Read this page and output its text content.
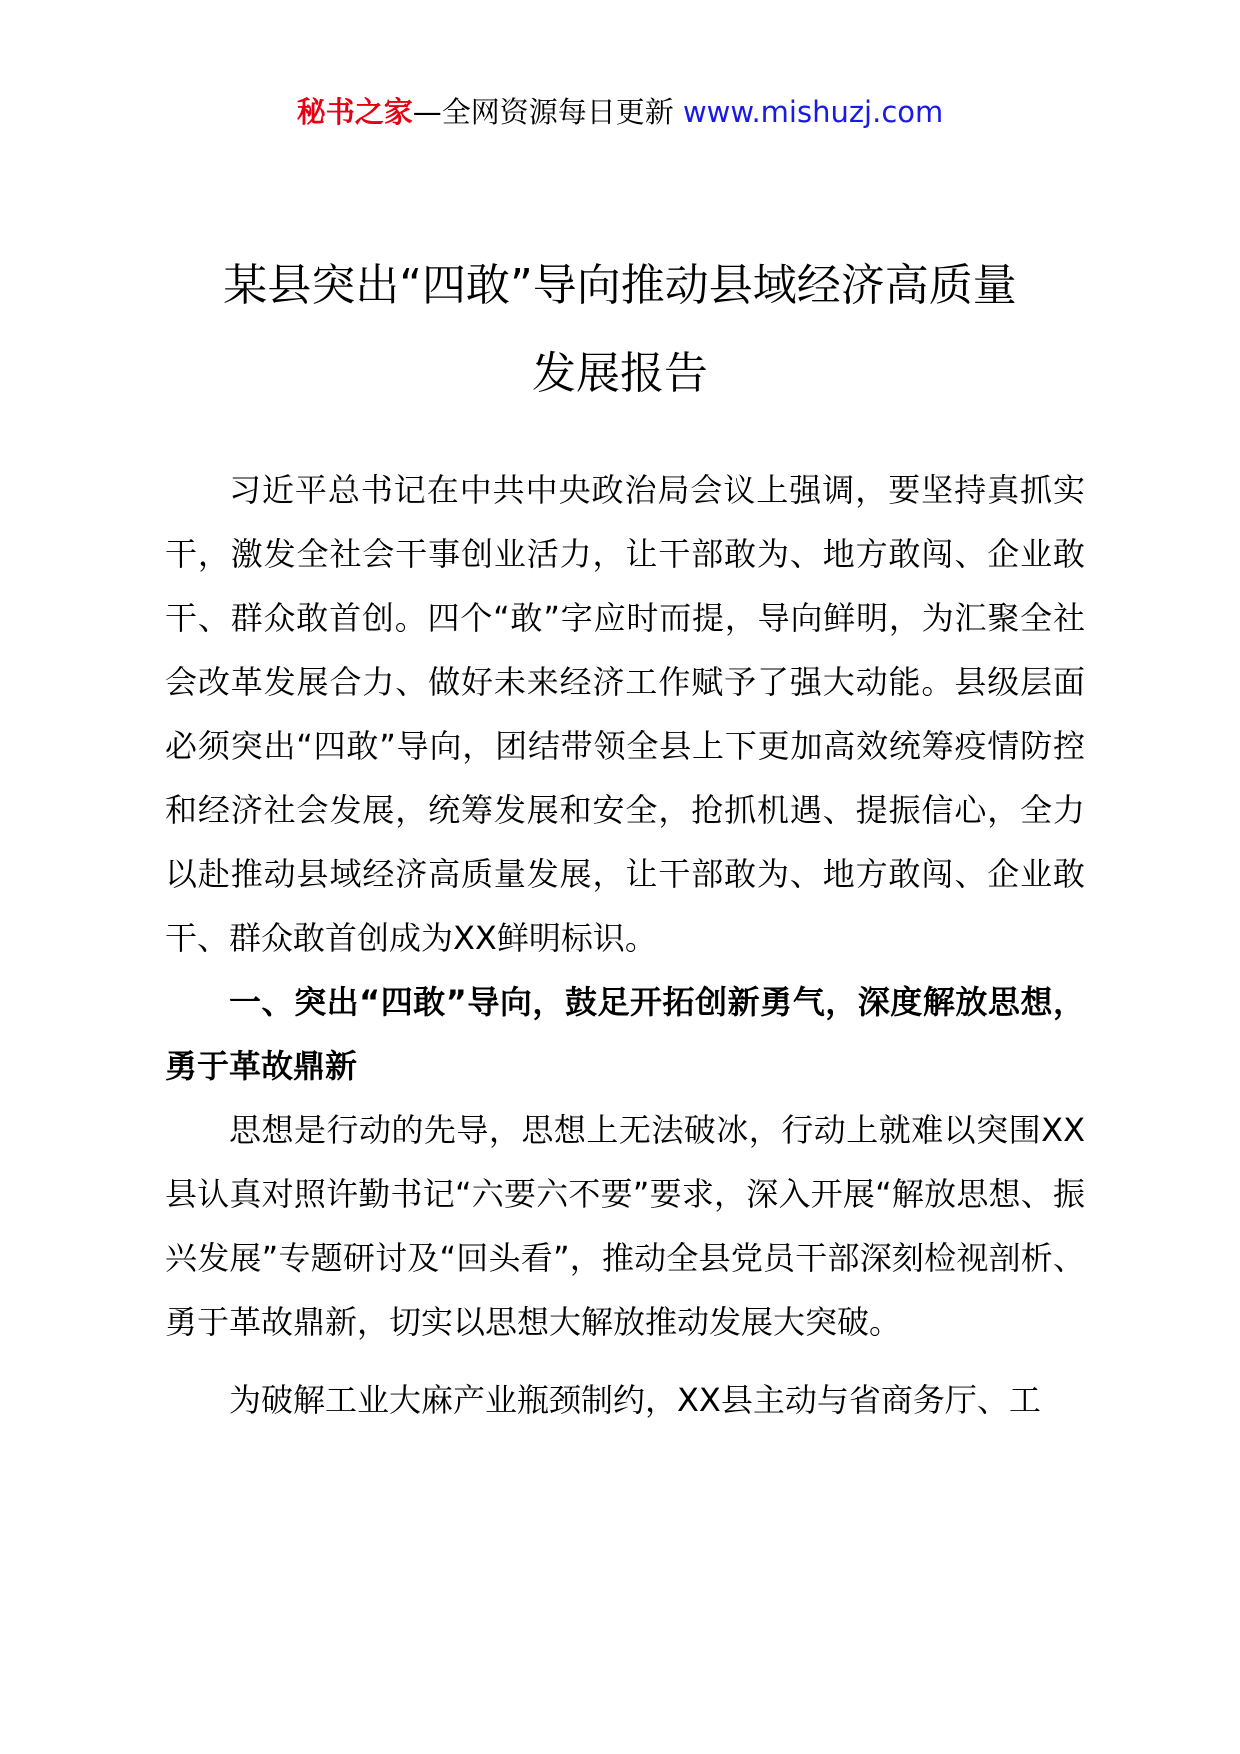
秘书之家—全网资源每日更新 www.mishuzj.com
某县突出“四敢”导向推动县域经济高质量
发展报告

习近平总书记在中共中央政治局会议上强调，要坚持真抓实干，激发全社会干事创业活力，让干部敢为、地方敢闯、企业敢干、群众敢首创。四个“敢”字应时而提，导向鲜明，为汇聚全社会改革发展合力、做好未来经济工作赋予了强大动能。县级层面必须突出“四敢”导向，团结带领全县上下更加高效统筹疫情防控和经济社会发展，统筹发展和安全，抢抓机遇、提振信心，全力以赴推动县域经济高质量发展，让干部敢为、地方敢闯、企业敢干、群众敢首创成为XX鲜明标识。

一、突出“四敢”导向，鼓足开拓创新勇气，深度解放思想，勇于革故鼎新

思想是行动的先导，思想上无法破冰，行动上就难以突围XX县认真对照许勤书记“六要六不要”要求，深入开展“解放思想、振兴发展”专题研讨及“回头看”，推动全县党员干部深刻检视剖析、勇于革故鼎新，切实以思想大解放推动发展大突破。

为破解工业大麻产业瓶颈制约，XX县主动与省商务厅、工
